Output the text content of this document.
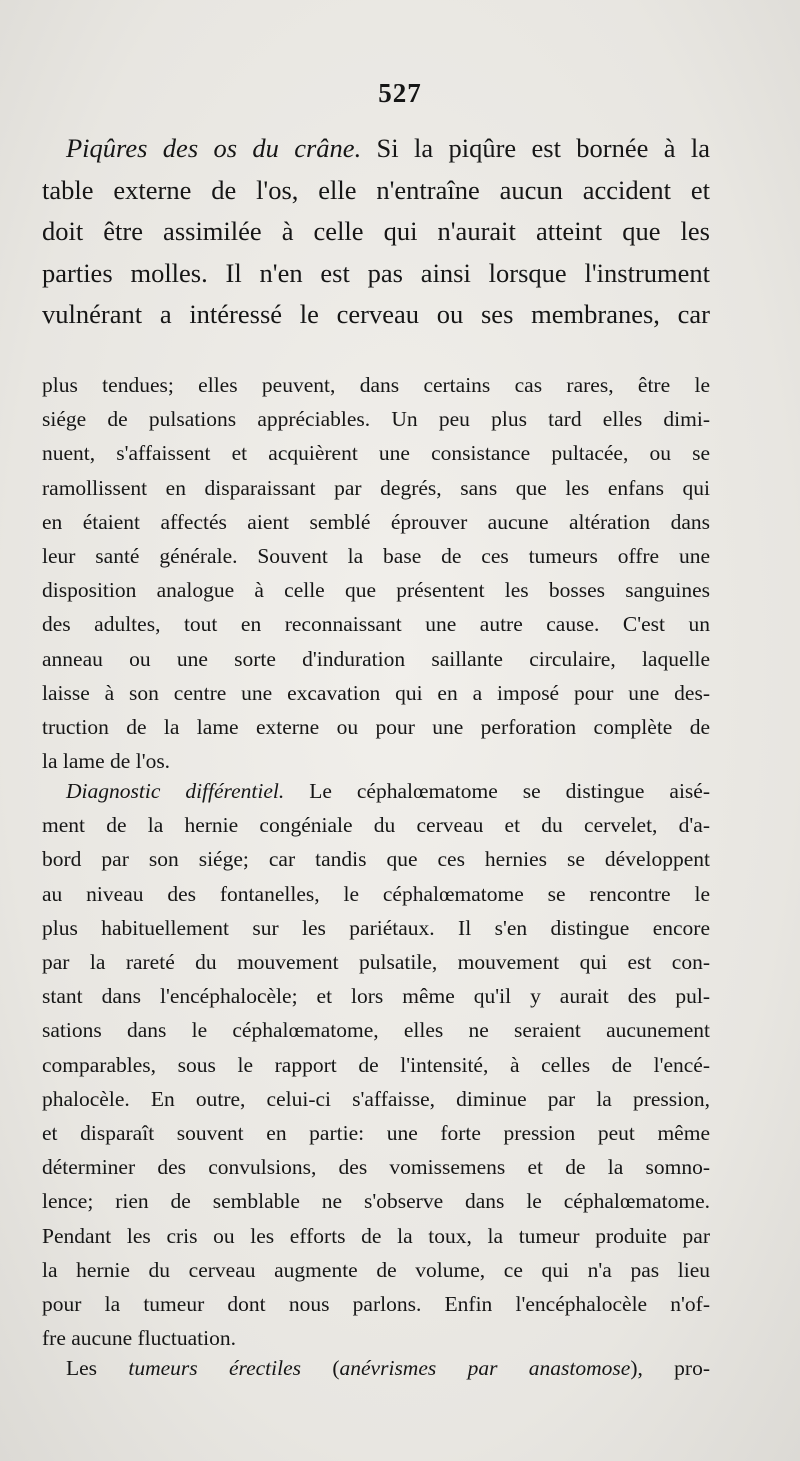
527
Piqûres des os du crâne. Si la piqûre est bornée à la
table externe de l'os, elle n'entraîne aucun accident et
doit être assimilée à celle qui n'aurait atteint que les
parties molles. Il n'en est pas ainsi lorsque l'instrument
vulnérant a intéressé le cerveau ou ses membranes, car
plus tendues; elles peuvent, dans certains cas rares, être le
siége de pulsations appréciables. Un peu plus tard elles dimi-
nuent, s'affaissent et acquièrent une consistance pultacée, ou se
ramollissent en disparaissant par degrés, sans que les enfans qui
en étaient affectés aient semblé éprouver aucune altération dans
leur santé générale. Souvent la base de ces tumeurs offre une
disposition analogue à celle que présentent les bosses sanguines
des adultes, tout en reconnaissant une autre cause. C'est un
anneau ou une sorte d'induration saillante circulaire, laquelle
laisse à son centre une excavation qui en a imposé pour une des-
truction de la lame externe ou pour une perforation complète de
la lame de l'os.
Diagnostic différentiel. Le céphalœmatome se distingue aisé-
ment de la hernie congéniale du cerveau et du cervelet, d'a-
bord par son siége; car tandis que ces hernies se développent
au niveau des fontanelles, le céphalœmatome se rencontre le
plus habituellement sur les pariétaux. Il s'en distingue encore
par la rareté du mouvement pulsatile, mouvement qui est con-
stant dans l'encéphalocèle; et lors même qu'il y aurait des pul-
sations dans le céphalœmatome, elles ne seraient aucunement
comparables, sous le rapport de l'intensité, à celles de l'encé-
phalocèle. En outre, celui-ci s'affaisse, diminue par la pression,
et disparaît souvent en partie: une forte pression peut même
déterminer des convulsions, des vomissemens et de la somno-
lence; rien de semblable ne s'observe dans le céphalœmatome.
Pendant les cris ou les efforts de la toux, la tumeur produite par
la hernie du cerveau augmente de volume, ce qui n'a pas lieu
pour la tumeur dont nous parlons. Enfin l'encéphalocèle n'of-
fre aucune fluctuation.
Les tumeurs érectiles (anévrismes par anastomose), pro-
